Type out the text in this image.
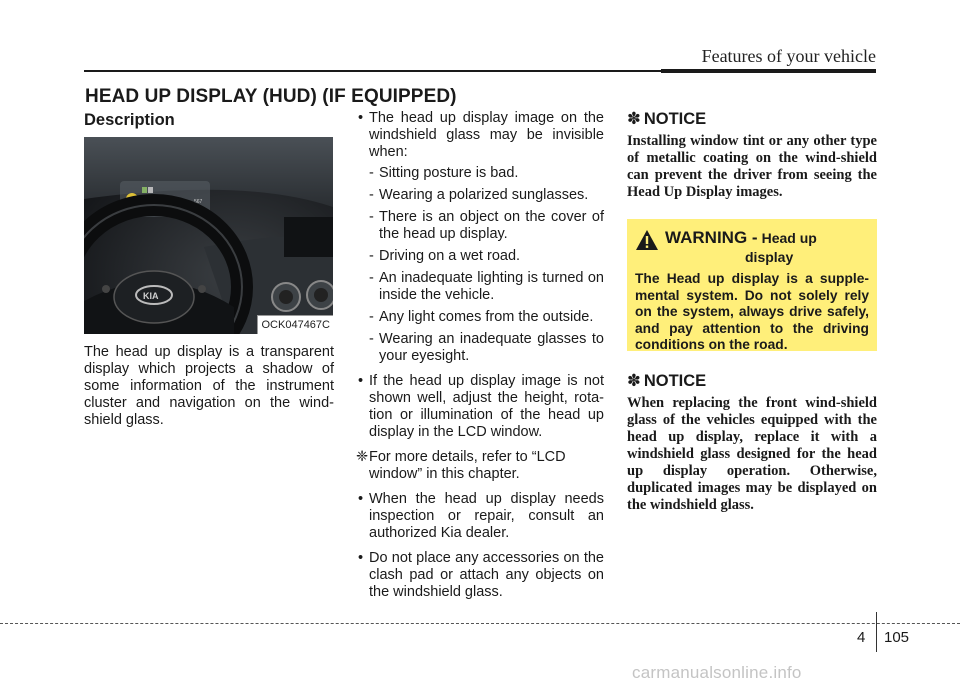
Features of your vehicle
HEAD UP DISPLAY (HUD) (IF EQUIPPED)
Description
100 60	567
KIA
OCK047467C

The head up display is a transparent display which projects a shadow of some information of the instrument cluster and navigation on the wind-shield glass.

• The head up display image on the windshield glass may be invisible when:
- Sitting posture is bad.
- Wearing a polarized sunglasses.
- There is an object on the cover of the head up display.
- Driving on a wet road.
- An inadequate lighting is turned on inside the vehicle.
- Any light comes from the outside.
- Wearing an inadequate glasses to your eyesight.
• If the head up display image is not shown well, adjust the height, rota-tion or illumination of the head up display in the LCD window.
❈ For more details, refer to “LCD window” in this chapter.
• When the head up display needs inspection or repair, consult an authorized Kia dealer.
• Do not place any accessories on the clash pad or attach any objects on the windshield glass.
✽ NOTICE

Installing window tint or any other type of metallic coating on the wind-shield can prevent the driver from seeing the Head Up Display images.

WARNING - Head up
display
The Head up display is a supple-mental system. Do not solely rely on the system, always drive safely, and pay attention to the driving conditions on the road.
✽ NOTICE

When replacing the front wind-shield glass of the vehicles equipped with the head up display, replace it with a windshield glass designed for the head up display operation. Otherwise, duplicated images may be displayed on the windshield glass.

4 105
carmanualsonline.info
